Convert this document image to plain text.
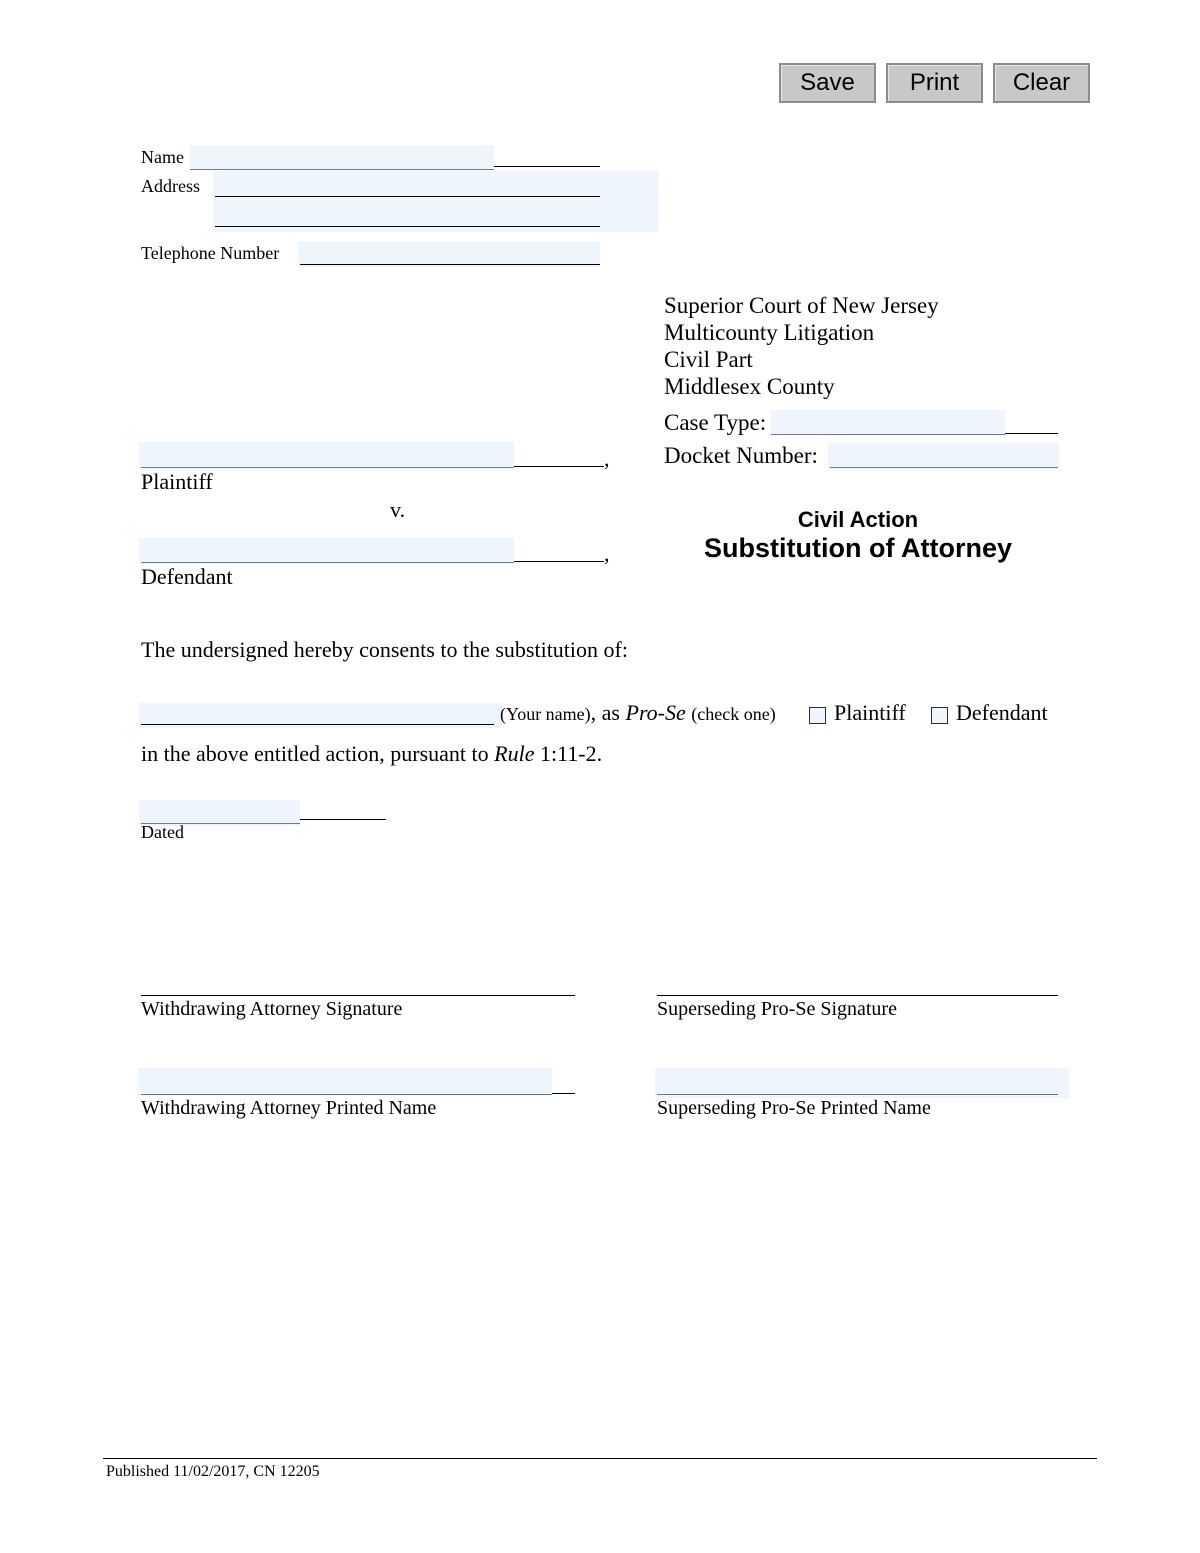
Save	Print	Clear
Name
Address
Telephone Number
Superior Court of New Jersey
Multicounty Litigation
Civil Part
Middlesex County
Case Type:
Docket Number:
,
Plaintiff
v.
,
Defendant
Civil Action
Substitution of Attorney
The undersigned hereby consents to the substitution of:
(Your name), as Pro-Se (check one)	Plaintiff Defendant
in the above entitled action, pursuant to Rule 1:11-2.
Dated
Withdrawing Attorney Signature	Superseding Pro-Se Signature
Withdrawing Attorney Printed Name	Superseding Pro-Se Printed Name
Published 11/02/2017, CN 12205
